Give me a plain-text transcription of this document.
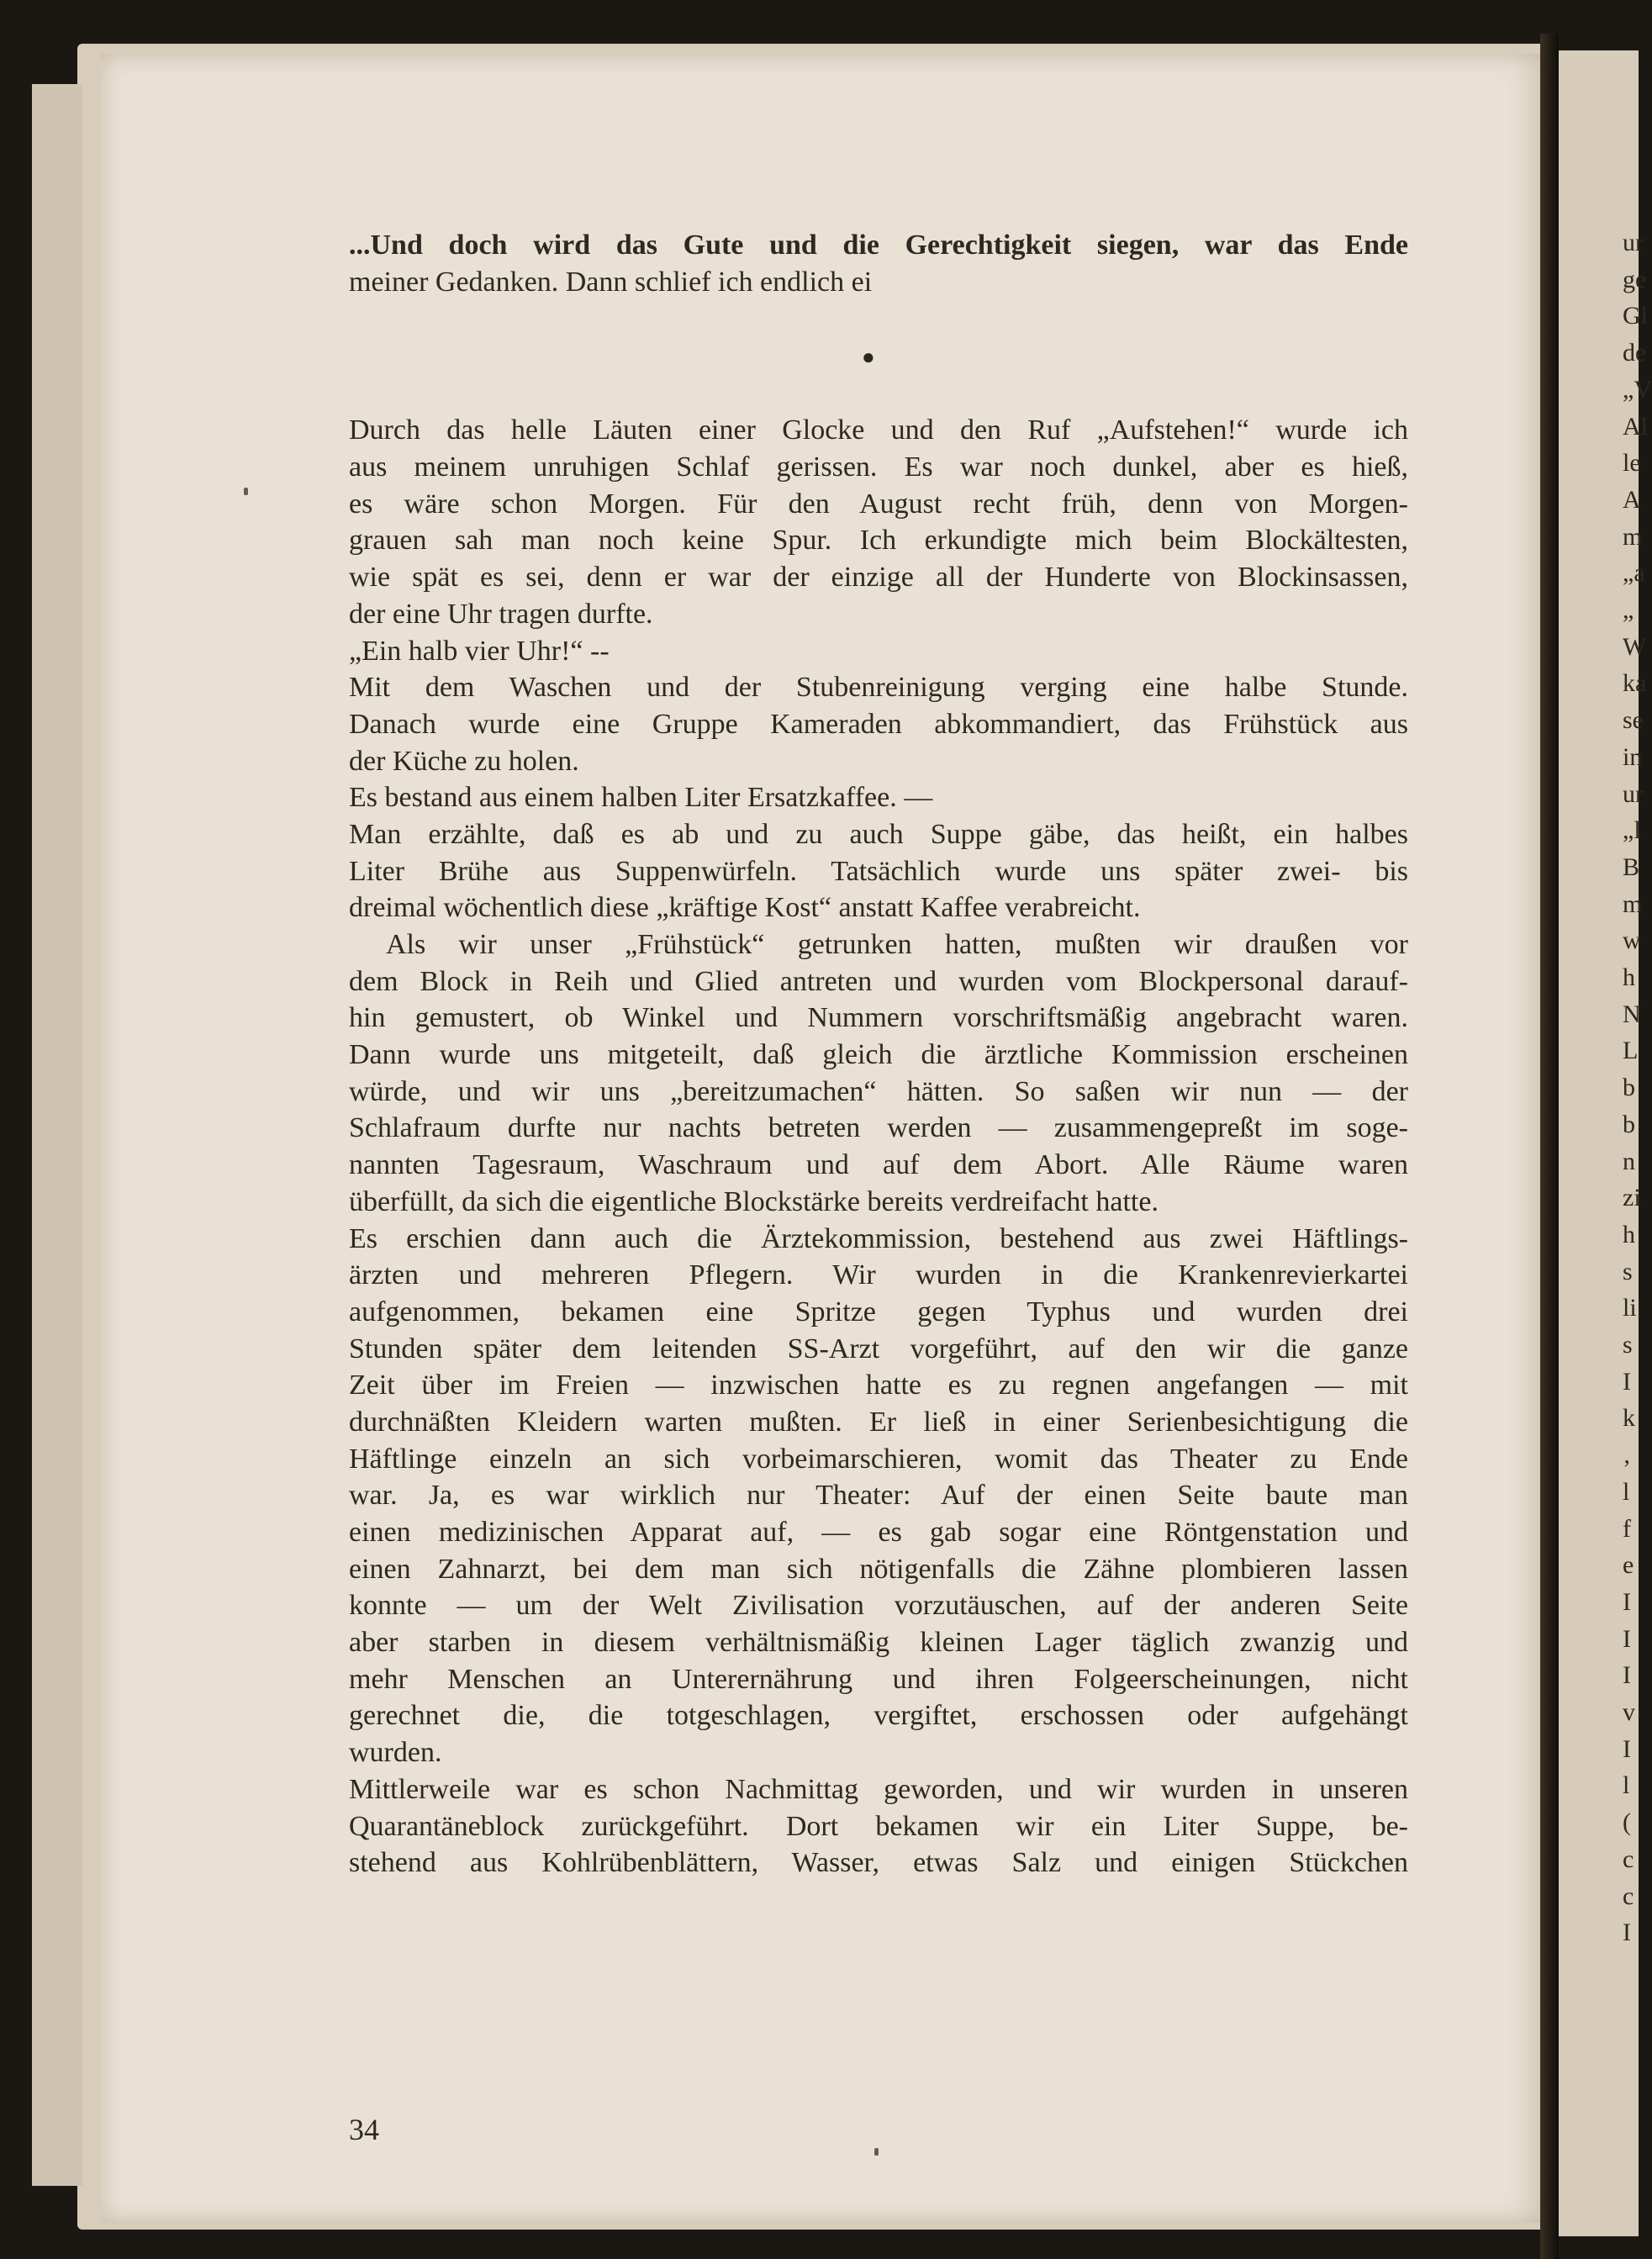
...Und doch wird das Gute und die Gerechtigkeit siegen, war das Ende
meiner Gedanken. Dann schlief ich endlich ei
●
Durch das helle Läuten einer Glocke und den Ruf „Aufstehen!“ wurde ich
aus meinem unruhigen Schlaf gerissen. Es war noch dunkel, aber es hieß,
es wäre schon Morgen. Für den August recht früh, denn von Morgen-
grauen sah man noch keine Spur. Ich erkundigte mich beim Blockältesten,
wie spät es sei, denn er war der einzige all der Hunderte von Blockinsassen,
der eine Uhr tragen durfte.
„Ein halb vier Uhr!“ --
Mit dem Waschen und der Stubenreinigung verging eine halbe Stunde.
Danach wurde eine Gruppe Kameraden abkommandiert, das Frühstück aus
der Küche zu holen.
Es bestand aus einem halben Liter Ersatzkaffee. —
Man erzählte, daß es ab und zu auch Suppe gäbe, das heißt, ein halbes
Liter Brühe aus Suppenwürfeln. Tatsächlich wurde uns später zwei- bis
dreimal wöchentlich diese „kräftige Kost“ anstatt Kaffee verabreicht.
Als wir unser „Frühstück“ getrunken hatten, mußten wir draußen vor
dem Block in Reih und Glied antreten und wurden vom Blockpersonal darauf-
hin gemustert, ob Winkel und Nummern vorschriftsmäßig angebracht waren.
Dann wurde uns mitgeteilt, daß gleich die ärztliche Kommission erscheinen
würde, und wir uns „bereitzumachen“ hätten. So saßen wir nun — der
Schlafraum durfte nur nachts betreten werden — zusammengepreßt im soge-
nannten Tagesraum, Waschraum und auf dem Abort. Alle Räume waren
überfüllt, da sich die eigentliche Blockstärke bereits verdreifacht hatte.
Es erschien dann auch die Ärztekommission, bestehend aus zwei Häftlings-
ärzten und mehreren Pflegern. Wir wurden in die Krankenrevierkartei
aufgenommen, bekamen eine Spritze gegen Typhus und wurden drei
Stunden später dem leitenden SS-Arzt vorgeführt, auf den wir die ganze
Zeit über im Freien — inzwischen hatte es zu regnen angefangen — mit
durchnäßten Kleidern warten mußten. Er ließ in einer Serienbesichtigung die
Häftlinge einzeln an sich vorbeimarschieren, womit das Theater zu Ende
war. Ja, es war wirklich nur Theater: Auf der einen Seite baute man
einen medizinischen Apparat auf, — es gab sogar eine Röntgenstation und
einen Zahnarzt, bei dem man sich nötigenfalls die Zähne plombieren lassen
konnte — um der Welt Zivilisation vorzutäuschen, auf der anderen Seite
aber starben in diesem verhältnismäßig kleinen Lager täglich zwanzig und
mehr Menschen an Unterernährung und ihren Folgeerscheinungen, nicht
gerechnet die, die totgeschlagen, vergiftet, erschossen oder aufgehängt
wurden.
Mittlerweile war es schon Nachmittag geworden, und wir wurden in unseren
Quarantäneblock zurückgeführt. Dort bekamen wir ein Liter Suppe, be-
stehend aus Kohlrübenblättern, Wasser, etwas Salz und einigen Stückchen
34
ur
ge
Gl
de
„V
Al
le
A
m
„a
„
W
ka
se
in
ur
„l
B
m
w
h
N
L
b
b
n
zi
h
s
li
s
I
k
‚
l
f
e
I
I
I
v
I
l
(
c
c
I
